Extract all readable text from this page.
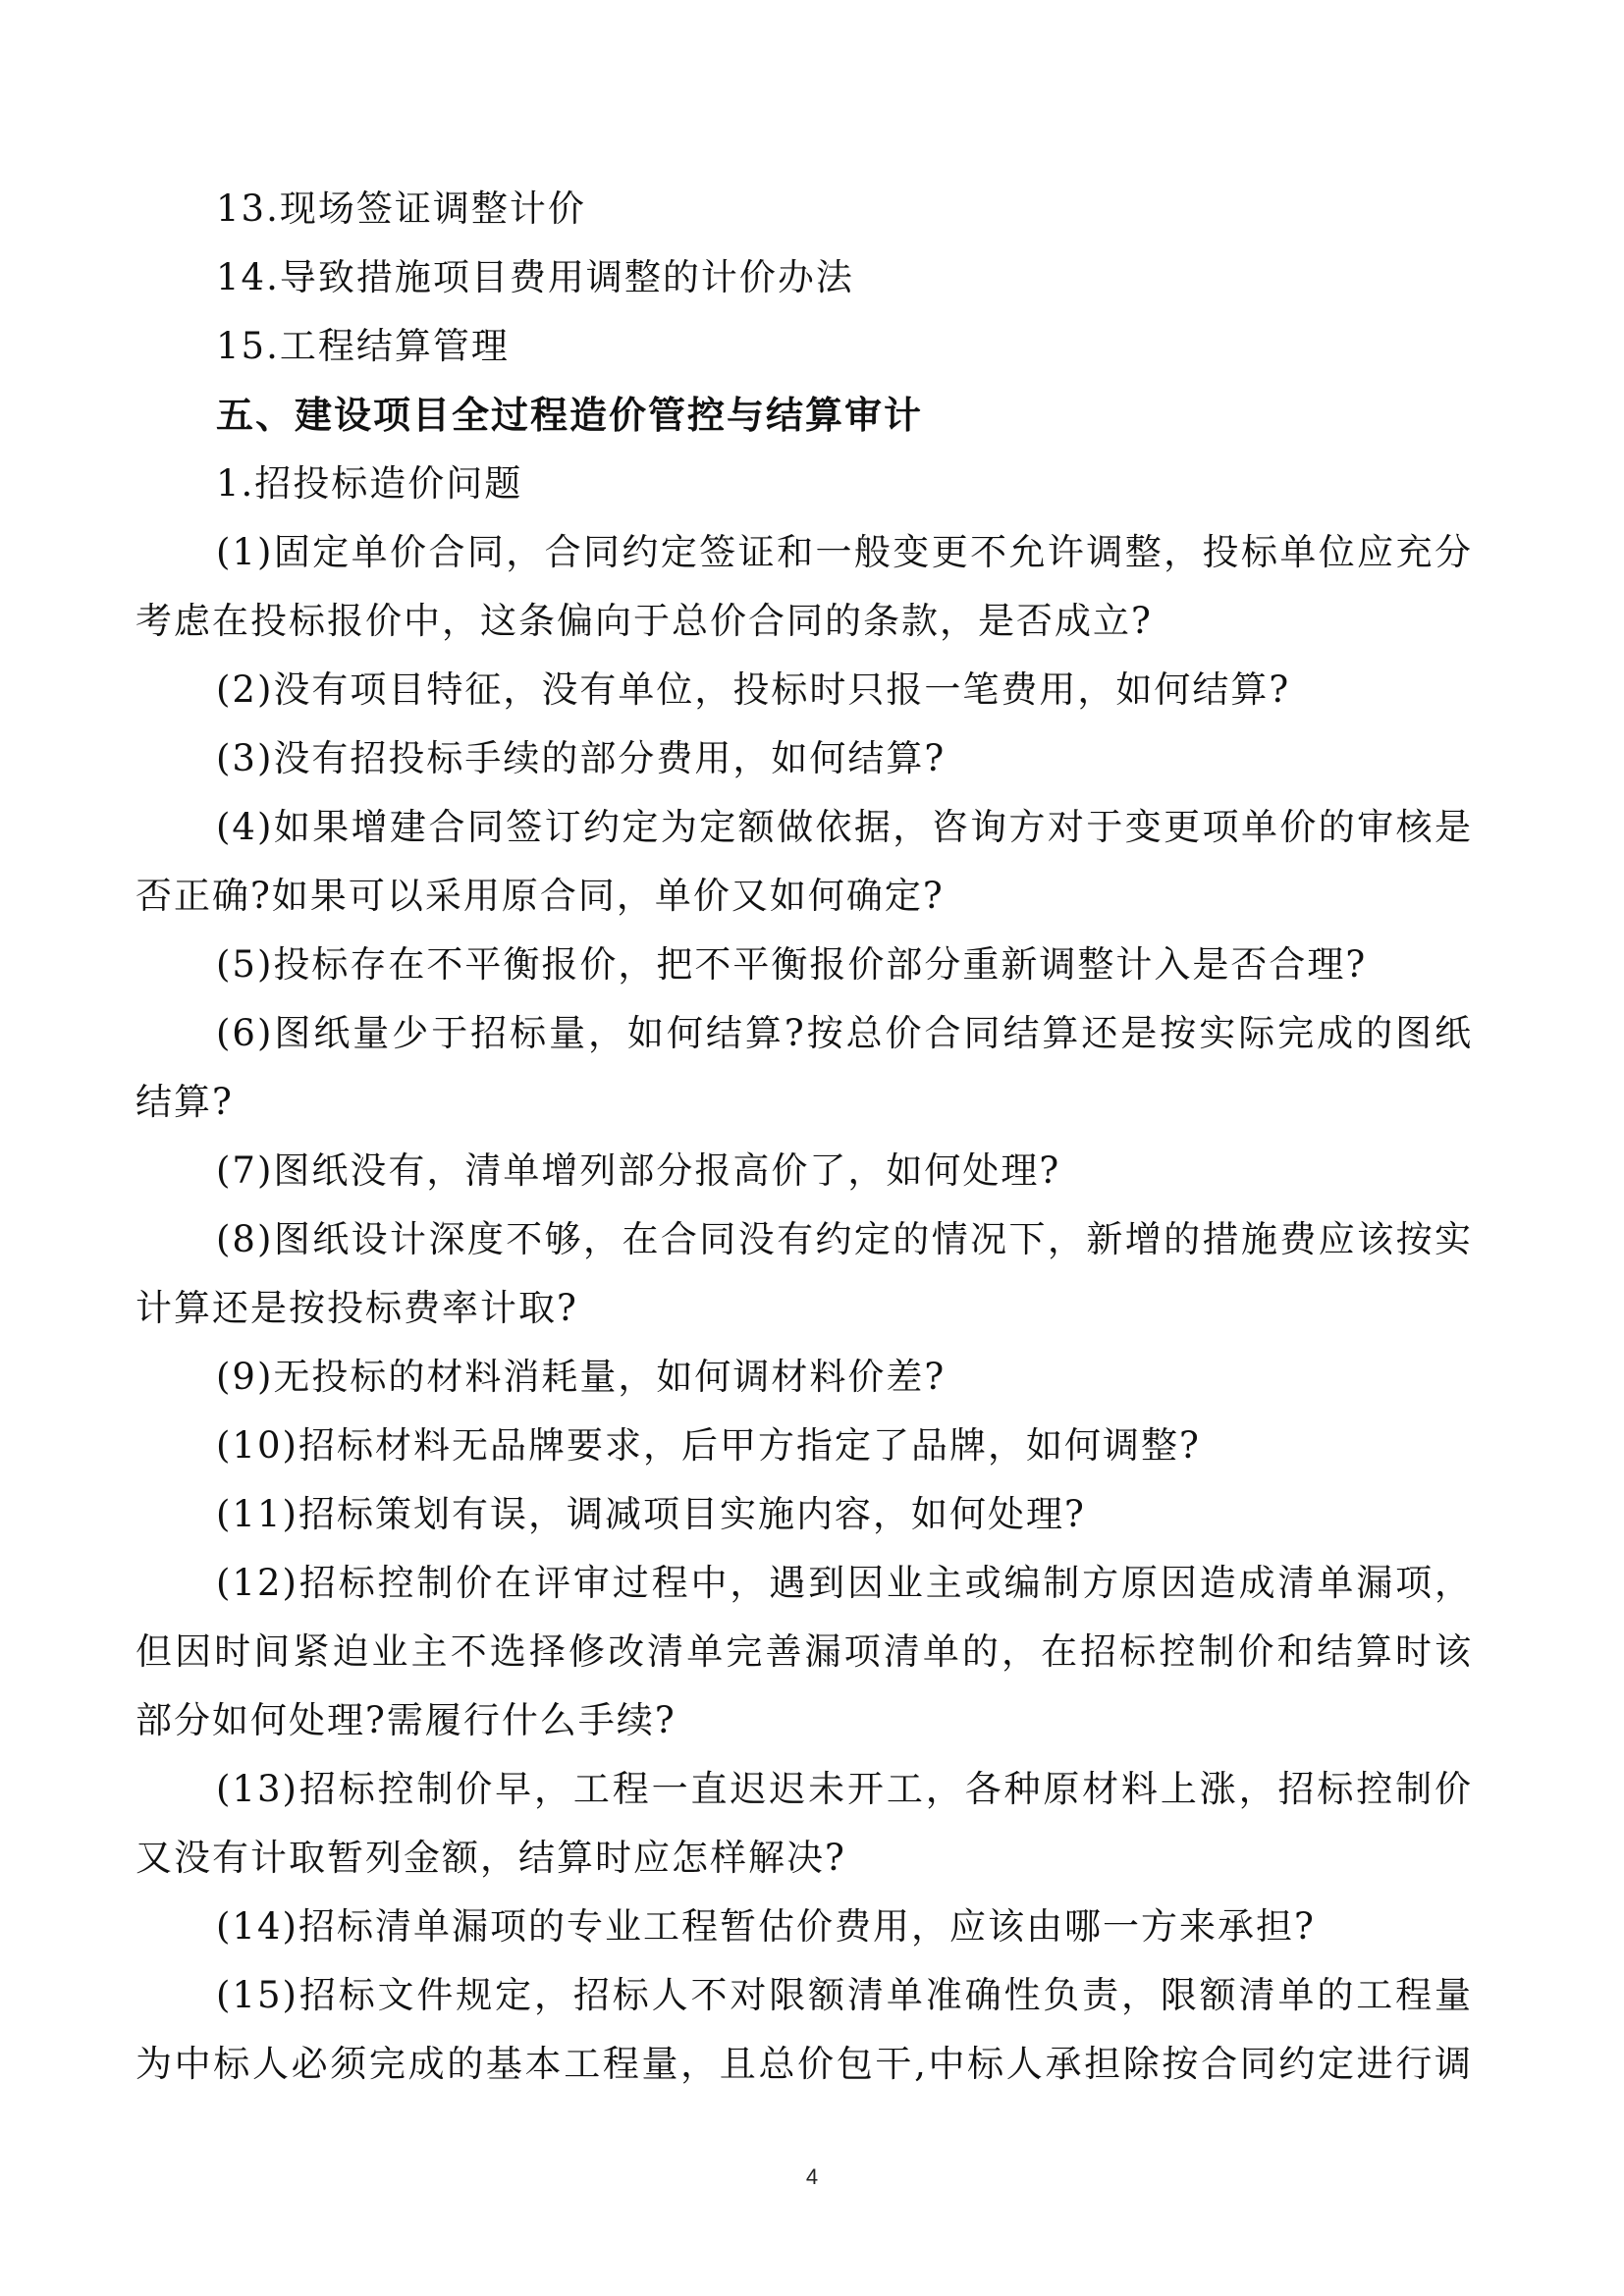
13.现场签证调整计价
14.导致措施项目费用调整的计价办法
15.工程结算管理
五、建设项目全过程造价管控与结算审计
1.招投标造价问题
(1)固定单价合同，合同约定签证和一般变更不允许调整，投标单位应充分
考虑在投标报价中，这条偏向于总价合同的条款，是否成立?
(2)没有项目特征，没有单位，投标时只报一笔费用，如何结算?
(3)没有招投标手续的部分费用，如何结算?
(4)如果增建合同签订约定为定额做依据，咨询方对于变更项单价的审核是
否正确?如果可以采用原合同，单价又如何确定?
(5)投标存在不平衡报价，把不平衡报价部分重新调整计入是否合理?
(6)图纸量少于招标量，如何结算?按总价合同结算还是按实际完成的图纸
结算?
(7)图纸没有，清单增列部分报高价了，如何处理?
(8)图纸设计深度不够，在合同没有约定的情况下，新增的措施费应该按实
计算还是按投标费率计取?
(9)无投标的材料消耗量，如何调材料价差?
(10)招标材料无品牌要求，后甲方指定了品牌，如何调整?
(11)招标策划有误，调减项目实施内容，如何处理?
(12)招标控制价在评审过程中，遇到因业主或编制方原因造成清单漏项，
但因时间紧迫业主不选择修改清单完善漏项清单的，在招标控制价和结算时该
部分如何处理?需履行什么手续?
(13)招标控制价早，工程一直迟迟未开工，各种原材料上涨，招标控制价
又没有计取暂列金额，结算时应怎样解决?
(14)招标清单漏项的专业工程暂估价费用，应该由哪一方来承担?
(15)招标文件规定，招标人不对限额清单准确性负责，限额清单的工程量
为中标人必须完成的基本工程量，且总价包干,中标人承担除按合同约定进行调
4
